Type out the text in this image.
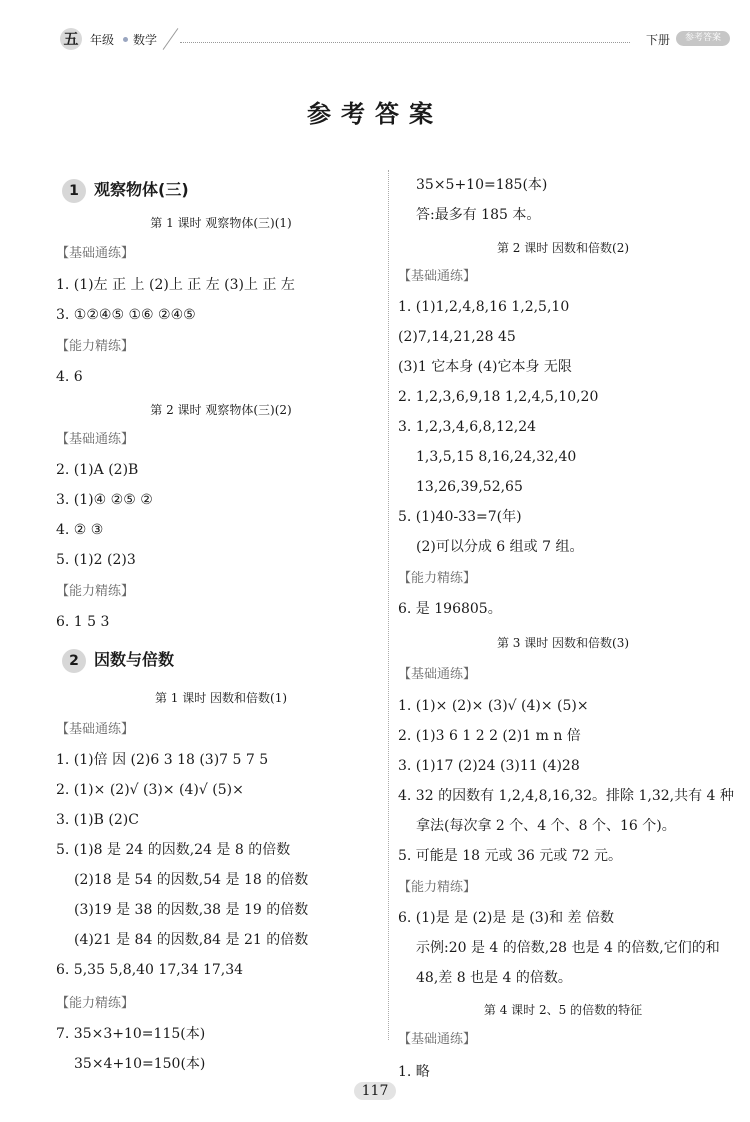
五 年级 数学	下册	参考答案
参考答案
1 观察物体(三)
第 1 课时 观察物体(三)(1)
【基础通练】
1. (1)左 正 上 (2)上 正 左 (3)上 正 左
3. ①②④⑤ ①⑥ ②④⑤
【能力精练】
4. 6
第 2 课时 观察物体(三)(2)
【基础通练】
2. (1)A (2)B
3. (1)④ ②⑤ ②
4. ② ③
5. (1)2 (2)3
【能力精练】
6. 1 5 3
2 因数与倍数
第 1 课时 因数和倍数(1)
【基础通练】
1. (1)倍 因 (2)6 3 18 (3)7 5 7 5
2. (1)× (2)√ (3)× (4)√ (5)×
3. (1)B (2)C
5. (1)8 是 24 的因数,24 是 8 的倍数
(2)18 是 54 的因数,54 是 18 的倍数
(3)19 是 38 的因数,38 是 19 的倍数
(4)21 是 84 的因数,84 是 21 的倍数
6. 5,35 5,8,40 17,34 17,34
【能力精练】
7. 35×3+10=115(本)
35×4+10=150(本)
35×5+10=185(本)
答:最多有 185 本。
第 2 课时 因数和倍数(2)
【基础通练】
1. (1)1,2,4,8,16 1,2,5,10
(2)7,14,21,28 45
(3)1 它本身 (4)它本身 无限
2. 1,2,3,6,9,18 1,2,4,5,10,20
3. 1,2,3,4,6,8,12,24
1,3,5,15 8,16,24,32,40
13,26,39,52,65
5. (1)40-33=7(年)
(2)可以分成 6 组或 7 组。
【能力精练】
6. 是 196805。
第 3 课时 因数和倍数(3)
【基础通练】
1. (1)× (2)× (3)√ (4)× (5)×
2. (1)3 6 1 2 2 (2)1 m n 倍
3. (1)17 (2)24 (3)11 (4)28
4. 32 的因数有 1,2,4,8,16,32。排除 1,32,共有 4 种
拿法(每次拿 2 个、4 个、8 个、16 个)。
5. 可能是 18 元或 36 元或 72 元。
【能力精练】
6. (1)是 是 (2)是 是 (3)和 差 倍数
示例:20 是 4 的倍数,28 也是 4 的倍数,它们的和
48,差 8 也是 4 的倍数。
第 4 课时 2、5 的倍数的特征
【基础通练】
1. 略
117
